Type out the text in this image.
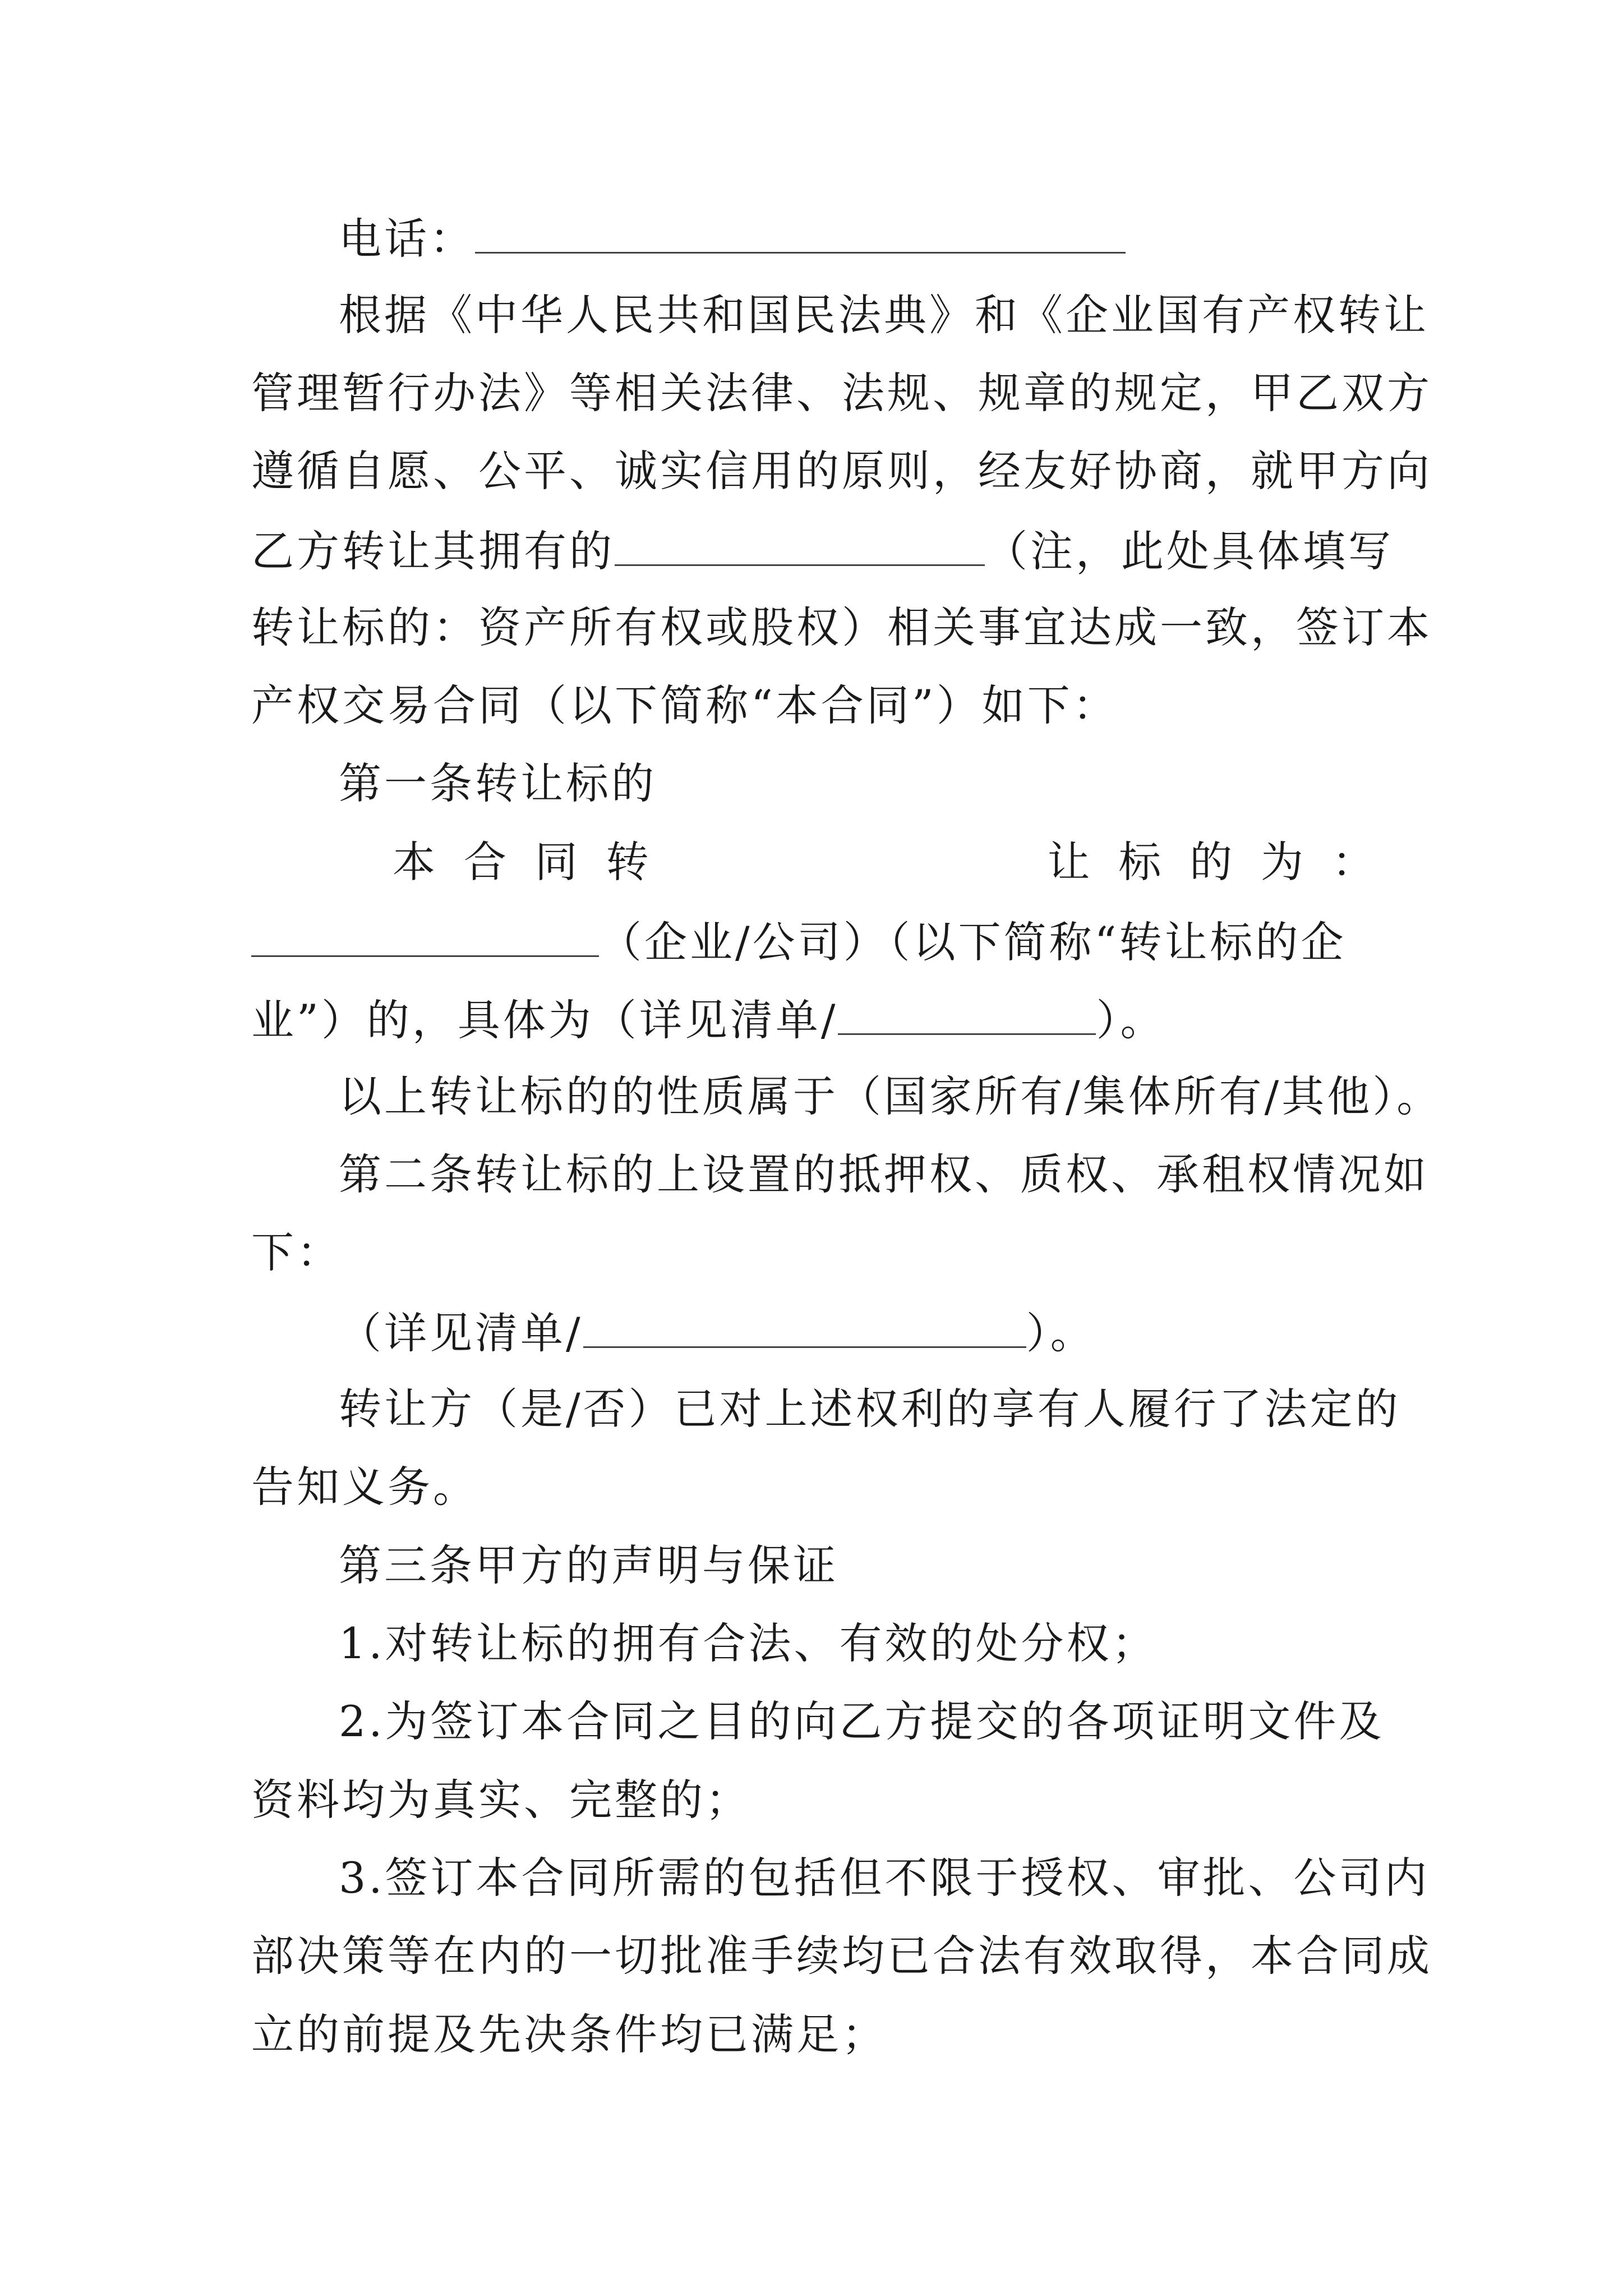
电话：
根据《中华人民共和国民法典》和《企业国有产权转让
管理暂行办法》等相关法律、法规、规章的规定，甲乙双方
遵循自愿、公平、诚实信用的原则，经友好协商，就甲方向
乙方转让其拥有的	（注，此处具体填写
转让标的：资产所有权或股权）相关事宜达成一致，签订本
产权交易合同（以下简称“本合同”）如下：
第一条转让标的
本 合 同 转	让 标 的 为 ：
（企业/公司）（以下简称“转让标的企
业”）的，具体为（详见清单/	）。
以上转让标的的性质属于（国家所有/集体所有/其他）。
第二条转让标的上设置的抵押权、质权、承租权情况如
下：
（详见清单/	）。
转让方（是/否）已对上述权利的享有人履行了法定的
告知义务。
第三条甲方的声明与保证
1.对转让标的拥有合法、有效的处分权；
2.为签订本合同之目的向乙方提交的各项证明文件及
资料均为真实、完整的；
3.签订本合同所需的包括但不限于授权、审批、公司内
部决策等在内的一切批准手续均已合法有效取得，本合同成
立的前提及先决条件均已满足；
